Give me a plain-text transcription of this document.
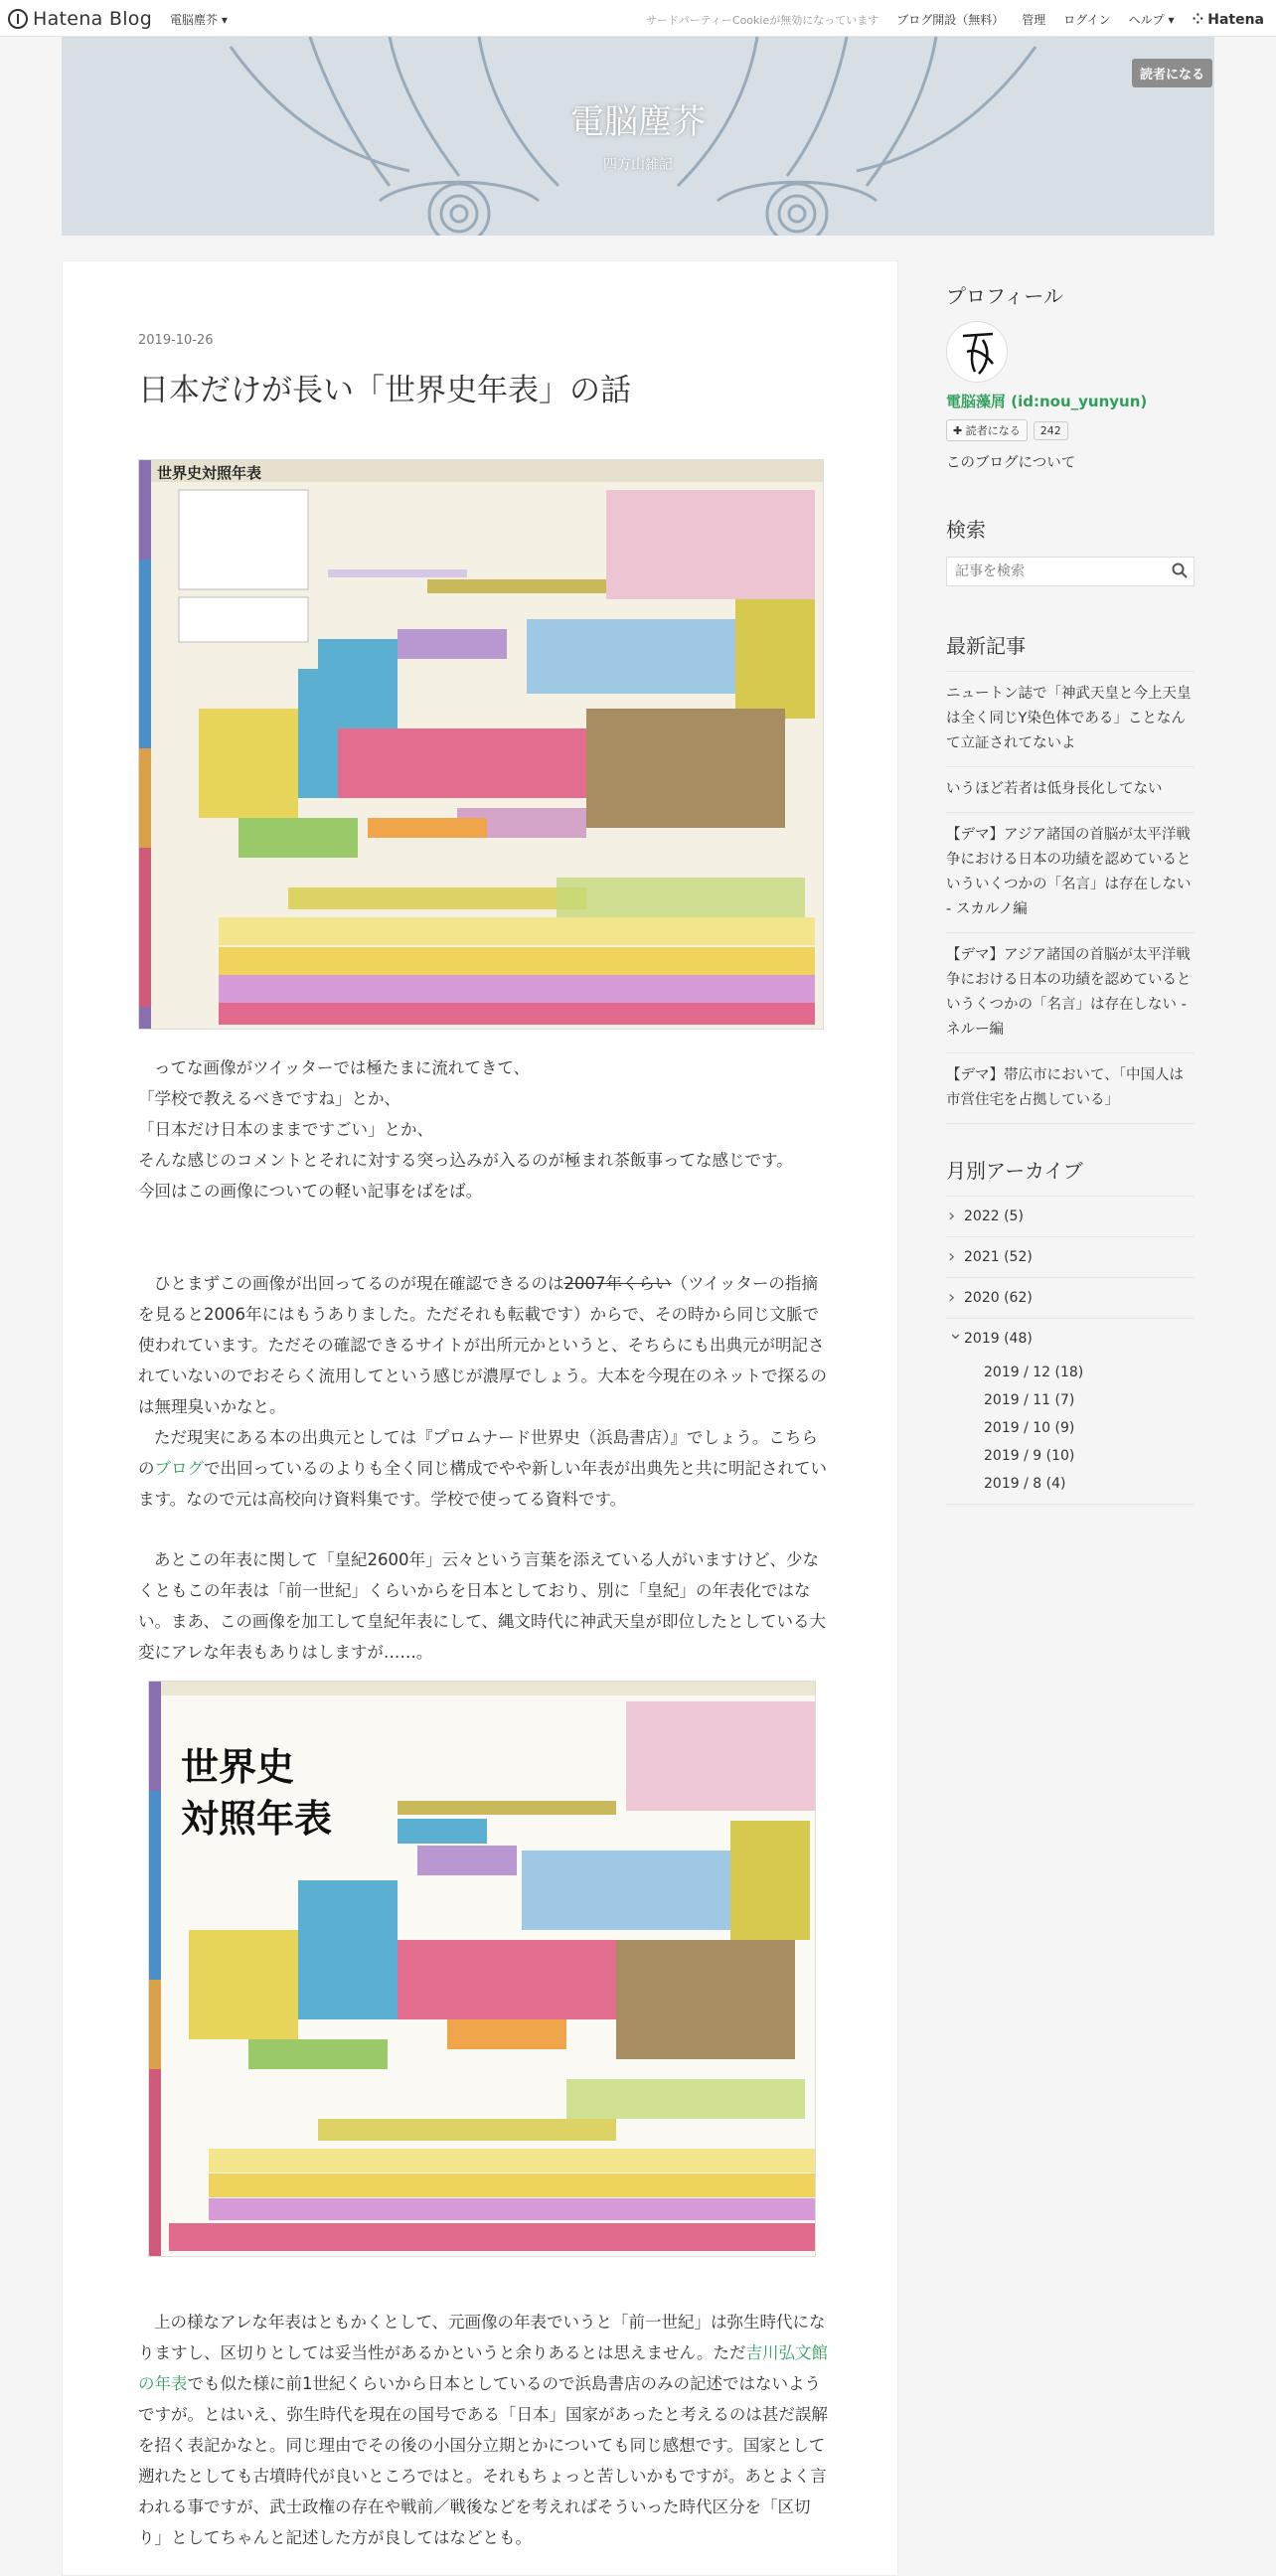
Hatena Blog 電脳塵芥 ▾	サードパーティーCookieが無効になっています ブログ開設（無料） 管理 ログイン ヘルプ ▾ ⁘ Hatena
電脳塵芥
四方山雑記
読者になる
2019-10-26
日本だけが長い「世界史年表」の話
世界史対照年表
ってな画像がツイッターでは極たまに流れてきて、
「学校で教えるべきですね」とか、
「日本だけ日本のままですごい」とか、
そんな感じのコメントとそれに対する突っ込みが入るのが極まれ茶飯事ってな感じです。
今回はこの画像についての軽い記事をばをば。
ひとまずこの画像が出回ってるのが現在確認できるのは2007年くらい（ツイッターの指摘を見ると2006年にはもうありました。ただそれも転載です）からで、その時から同じ文脈で使われています。ただその確認できるサイトが出所元かというと、そちらにも出典元が明記されていないのでおそらく流用してという感じが濃厚でしょう。大本を今現在のネットで探るのは無理臭いかなと。
ただ現実にある本の出典元としては『プロムナード世界史（浜島書店）』でしょう。こちらのブログで出回っているのよりも全く同じ構成でやや新しい年表が出典先と共に明記されています。なので元は高校向け資料集です。学校で使ってる資料です。
あとこの年表に関して「皇紀2600年」云々という言葉を添えている人がいますけど、少なくともこの年表は「前一世紀」くらいからを日本としており、別に「皇紀」の年表化ではない。まあ、この画像を加工して皇紀年表にして、縄文時代に神武天皇が即位したとしている大変にアレな年表もありはしますが……。
世界史
対照年表
上の様なアレな年表はともかくとして、元画像の年表でいうと「前一世紀」は弥生時代になりますし、区切りとしては妥当性があるかというと余りあるとは思えません。ただ吉川弘文館の年表でも似た様に前1世紀くらいから日本としているので浜島書店のみの記述ではないようですが。とはいえ、弥生時代を現在の国号である「日本」国家があったと考えるのは甚だ誤解を招く表記かなと。同じ理由でその後の小国分立期とかについても同じ感想です。国家として遡れたとしても古墳時代が良いところではと。それもちょっと苦しいかもですが。あとよく言われる事ですが、武士政権の存在や戦前／戦後などを考えればそういった時代区分を「区切り」としてちゃんと記述した方が良してはなどとも。
プロフィール
電脳藻屑 (id:nou_yunyun)
✚ 読者になる	242
このブログについて
検索
記事を検索
最新記事
ニュートン誌で「神武天皇と今上天皇は全く同じY染色体である」ことなんて立証されてないよ
いうほど若者は低身長化してない
【デマ】アジア諸国の首脳が太平洋戦争における日本の功績を認めているといういくつかの「名言」は存在しない - スカルノ編
【デマ】アジア諸国の首脳が太平洋戦争における日本の功績を認めているというくつかの「名言」は存在しない - ネルー編
【デマ】帯広市において、「中国人は市営住宅を占拠している」
月別アーカイブ
› 2022 (5)
› 2021 (52)
› 2020 (62)
⌄ 2019 (48)
2019 / 12 (18)
2019 / 11 (7)
2019 / 10 (9)
2019 / 9 (10)
2019 / 8 (4)
